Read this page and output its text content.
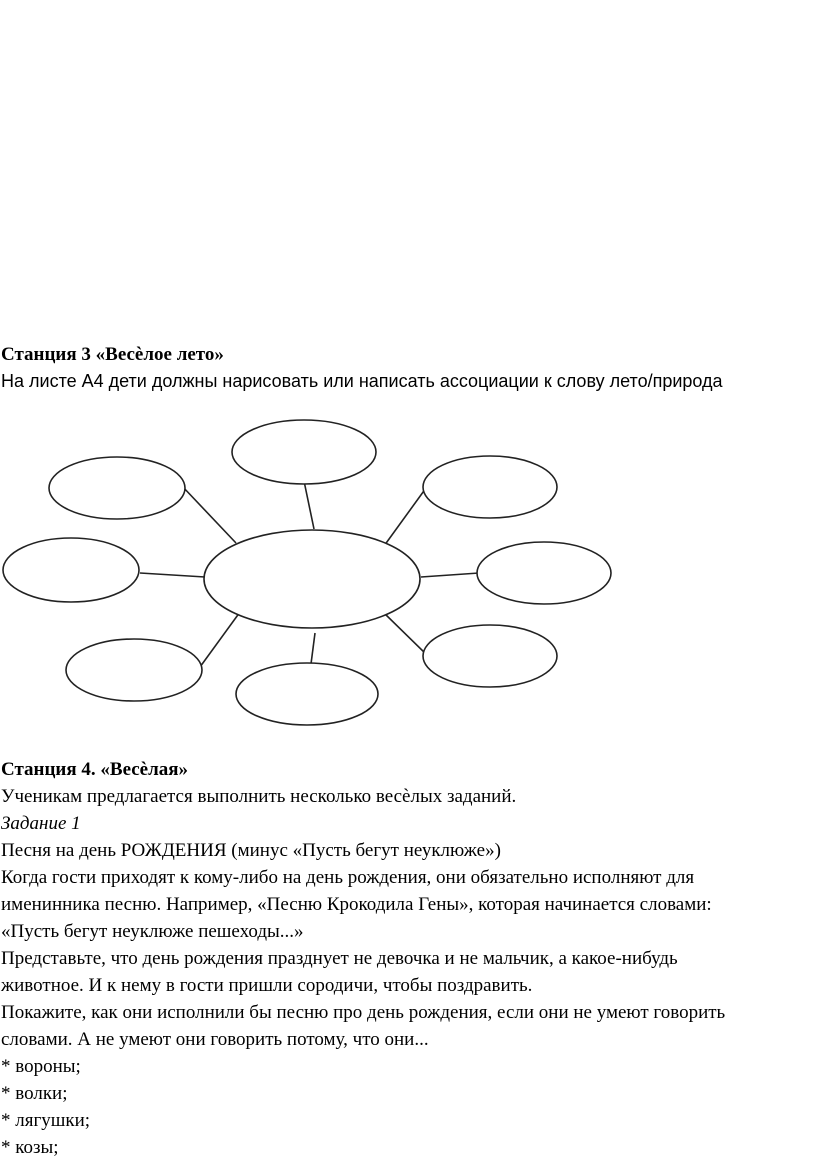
Станция 3 «Весѐлое лето»

На листе А4 дети должны нарисовать или написать ассоциации к слову лето/природа

Станция 4. «Весѐлая»

Ученикам предлагается выполнить несколько весѐлых заданий.

Задание 1

Песня на день РОЖДЕНИЯ (минус «Пусть бегут неуклюже»)

Когда гости приходят к кому-либо на день рождения, они обязательно исполняют для

именинника песню. Например, «Песню Крокодила Гены», которая начинается словами:

«Пусть бегут неуклюже пешеходы...»

Представьте, что день рождения празднует не девочка и не мальчик, а какое-нибудь

животное. И к нему в гости пришли сородичи, чтобы поздравить.

Покажите, как они исполнили бы песню про день рождения, если они не умеют говорить

словами. А не умеют они говорить потому, что они...

* вороны;

* волки;

* лягушки;

* козы;
